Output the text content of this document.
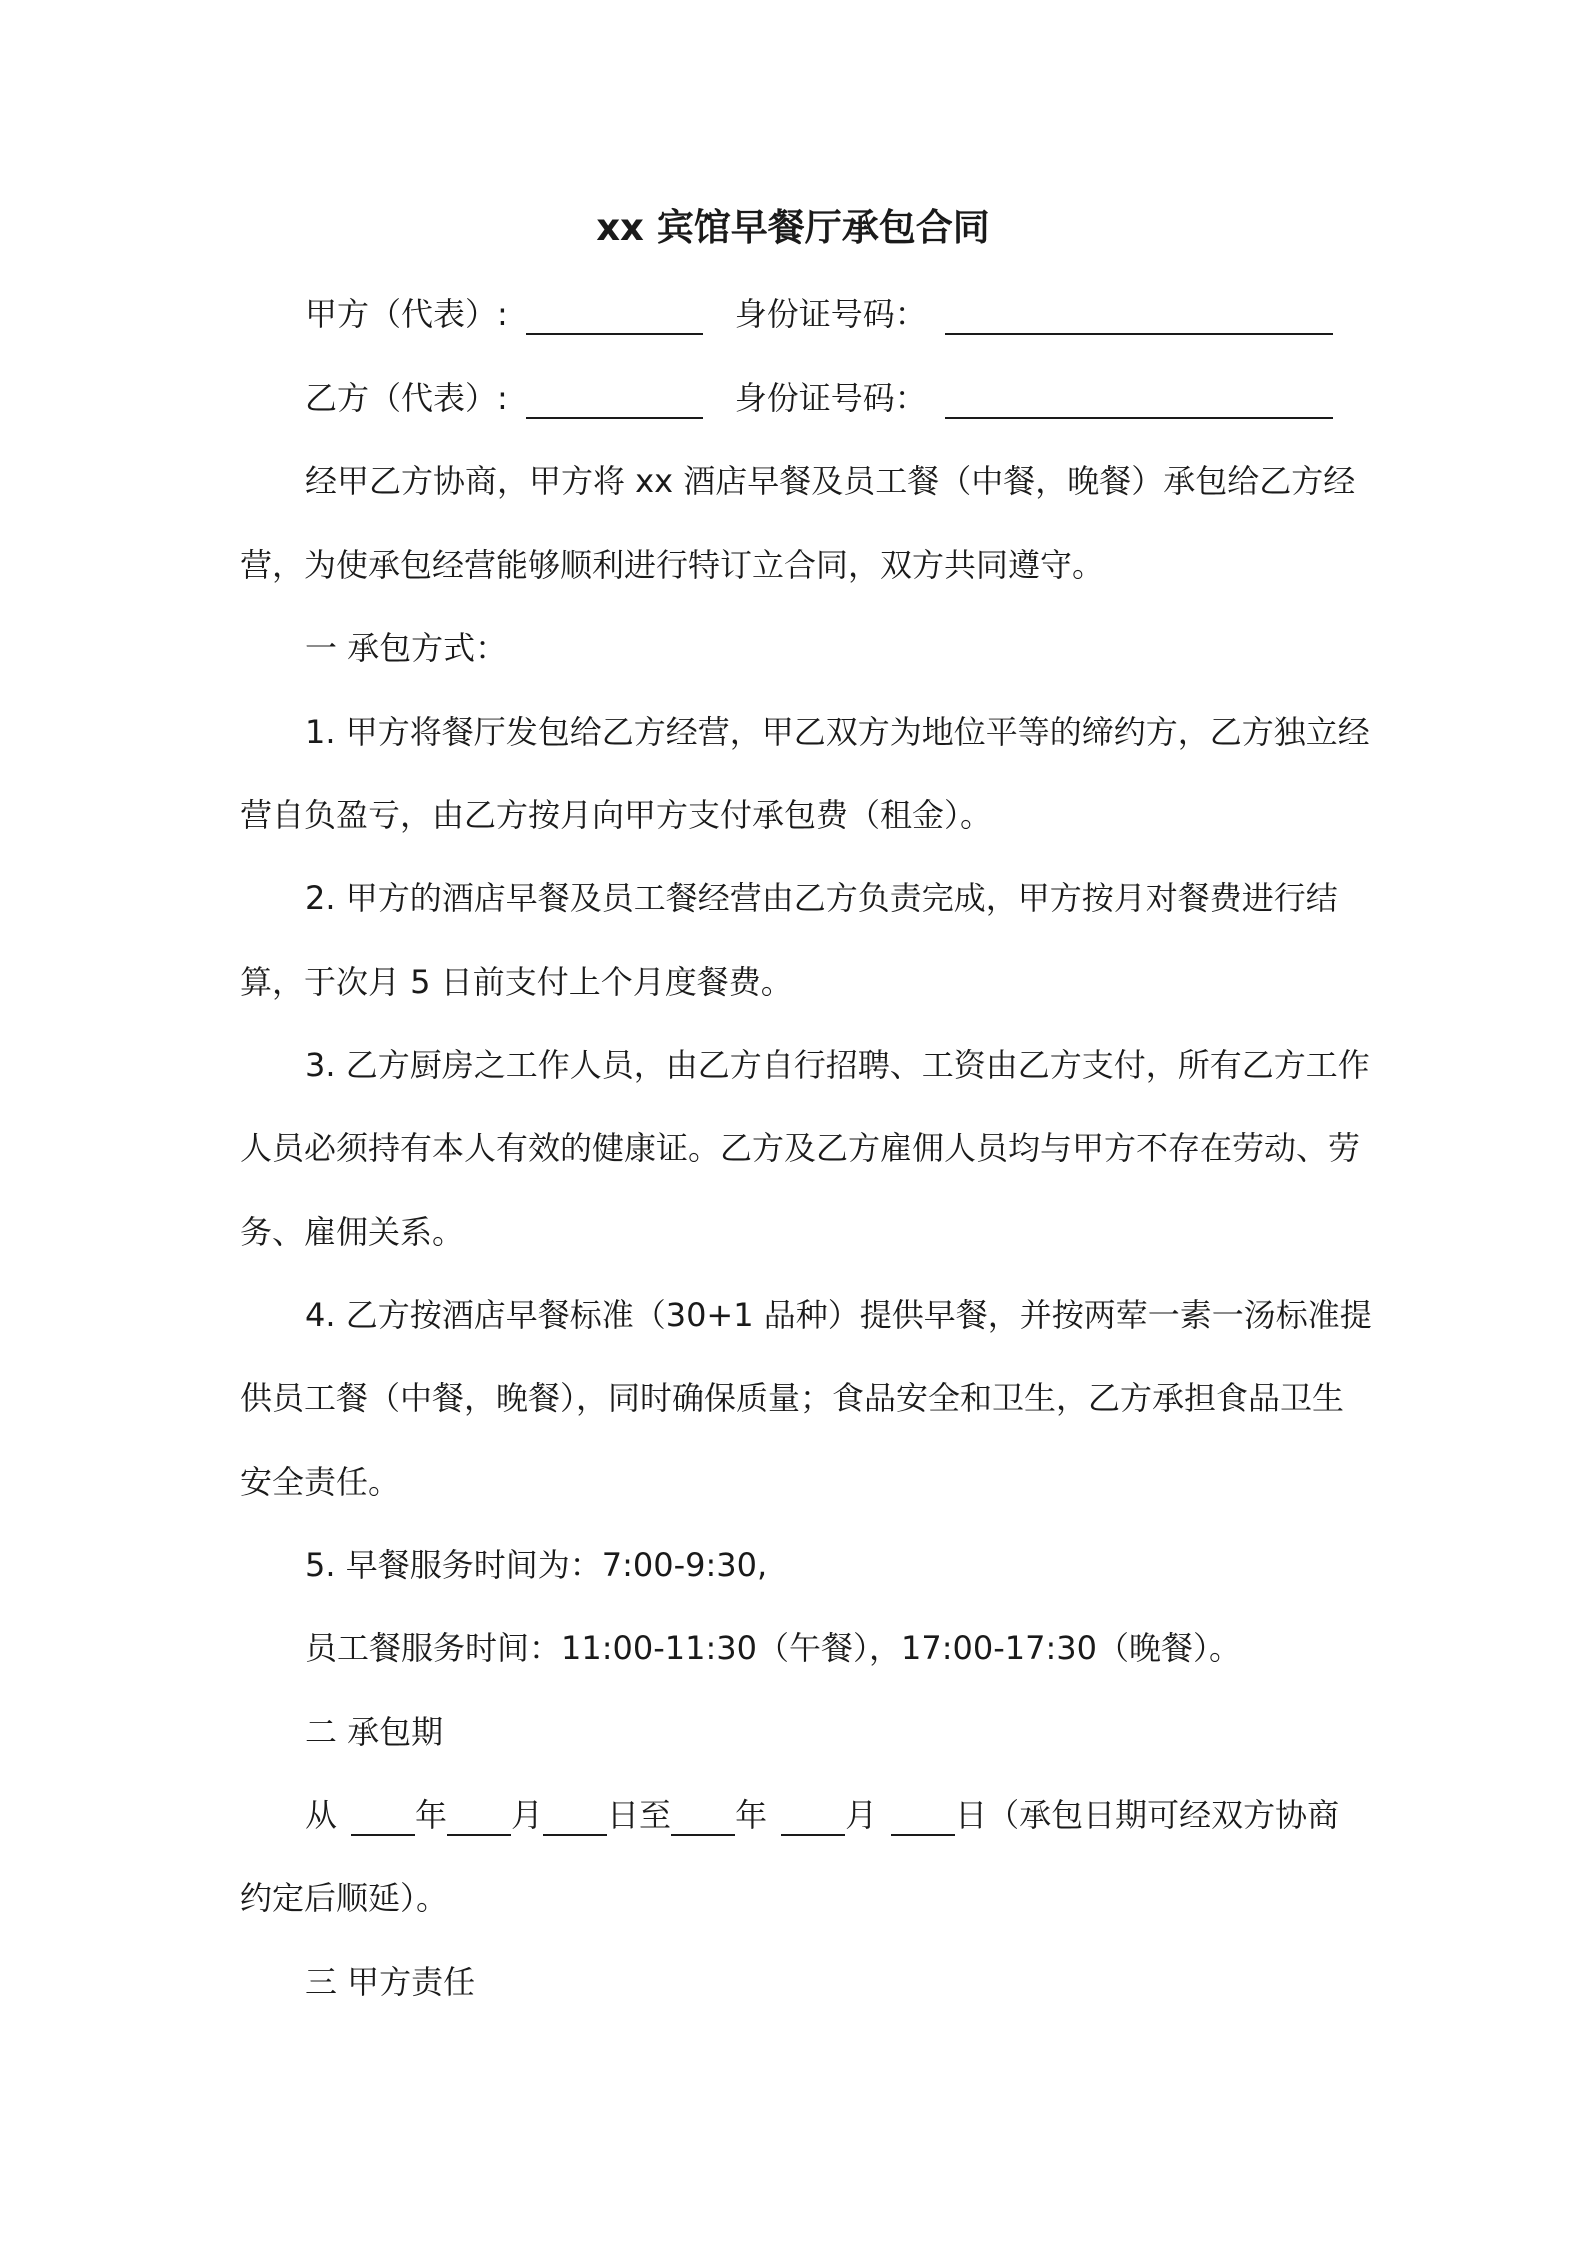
xx 宾馆早餐厅承包合同
甲方（代表）:	身份证号码：
乙方（代表）:	身份证号码：
经甲乙方协商，甲方将 xx 酒店早餐及员工餐（中餐，晚餐）承包给乙方经
营，为使承包经营能够顺利进行特订立合同，双方共同遵守。
一 承包方式：
1. 甲方将餐厅发包给乙方经营，甲乙双方为地位平等的缔约方，乙方独立经
营自负盈亏，由乙方按月向甲方支付承包费（租金）。
2. 甲方的酒店早餐及员工餐经营由乙方负责完成，甲方按月对餐费进行结
算，于次月 5 日前支付上个月度餐费。
3. 乙方厨房之工作人员，由乙方自行招聘、工资由乙方支付，所有乙方工作
人员必须持有本人有效的健康证。乙方及乙方雇佣人员均与甲方不存在劳动、劳
务、雇佣关系。
4. 乙方按酒店早餐标准（30+1 品种）提供早餐，并按两荤一素一汤标准提
供员工餐（中餐，晚餐），同时确保质量；食品安全和卫生，乙方承担食品卫生
安全责任。
5. 早餐服务时间为：7:00-9:30,
员工餐服务时间：11:00-11:30（午餐），17:00-17:30（晚餐）。
二 承包期
从 年 月 日至 年 月 日（承包日期可经双方协商
约定后顺延）。
三 甲方责任
